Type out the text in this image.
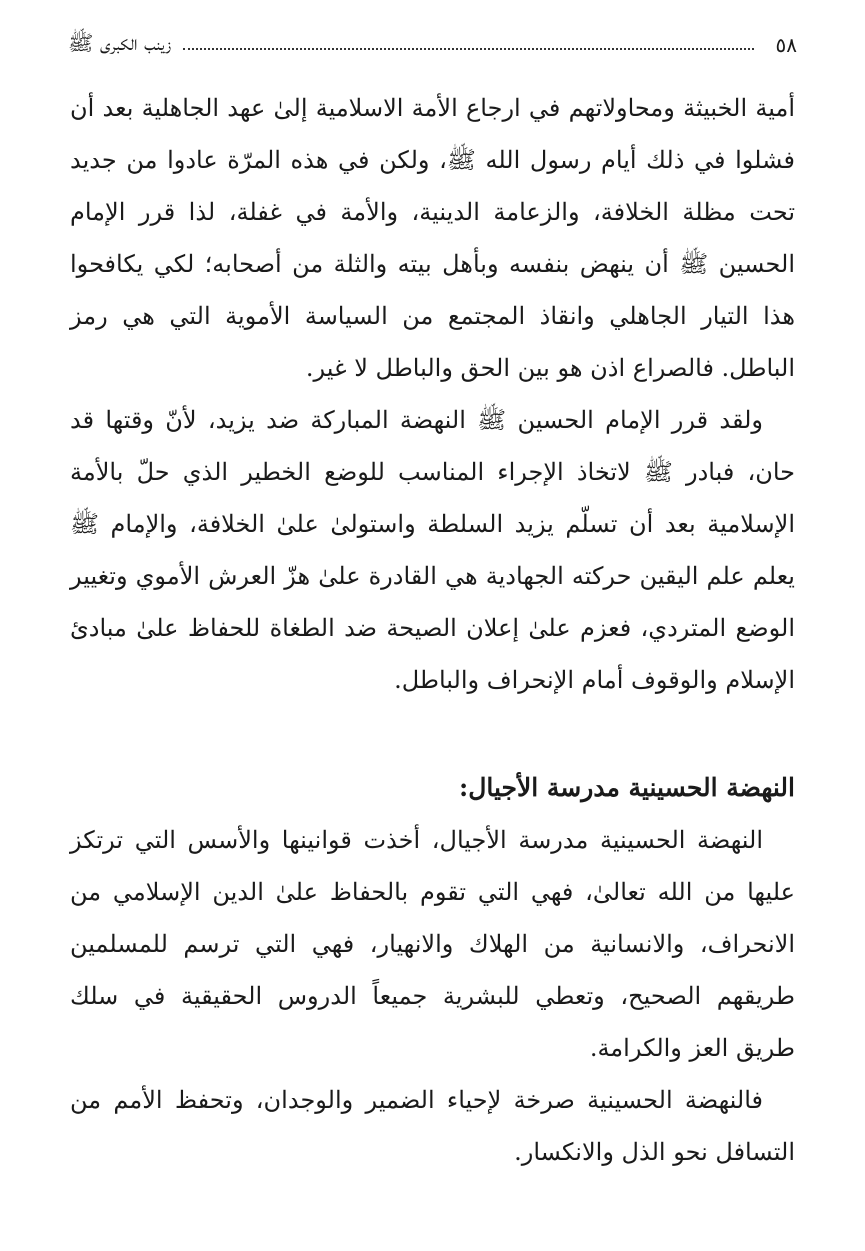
٥٨
زينب الكبرى ﷺ

أمية الخبيثة ومحاولاتهم في ارجاع الأمة الاسلامية إلىٰ عهد الجاهلية بعد أن فشلوا في ذلك أيام رسول الله ﷺ، ولكن في هذه المرّة عادوا من جديد تحت مظلة الخلافة، والزعامة الدينية، والأمة في غفلة، لذا قرر الإمام الحسين ﷺ أن ينهض بنفسه وبأهل بيته والثلة من أصحابه؛ لكي يكافحوا هذا التيار الجاهلي وانقاذ المجتمع من السياسة الأموية التي هي رمز الباطل. فالصراع اذن هو بين الحق والباطل لا غير.

ولقد قرر الإمام الحسين ﷺ النهضة المباركة ضد يزيد، لأنّ وقتها قد حان، فبادر ﷺ لاتخاذ الإجراء المناسب للوضع الخطير الذي حلّ بالأمة الإسلامية بعد أن تسلّم يزيد السلطة واستولىٰ علىٰ الخلافة، والإمام ﷺ يعلم علم اليقين حركته الجهادية هي القادرة علىٰ هزّ العرش الأموي وتغيير الوضع المتردي، فعزم علىٰ إعلان الصيحة ضد الطغاة للحفاظ علىٰ مبادئ الإسلام والوقوف أمام الإنحراف والباطل.

النهضة الحسينية مدرسة الأجيال:

النهضة الحسينية مدرسة الأجيال، أخذت قوانينها والأسس التي ترتكز عليها من الله تعالىٰ، فهي التي تقوم بالحفاظ علىٰ الدين الإسلامي من الانحراف، والانسانية من الهلاك والانهيار، فهي التي ترسم للمسلمين طريقهم الصحيح، وتعطي للبشرية جميعاً الدروس الحقيقية في سلك طريق العز والكرامة.

فالنهضة الحسينية صرخة لإحياء الضمير والوجدان، وتحفظ الأمم من التسافل نحو الذل والانكسار.
